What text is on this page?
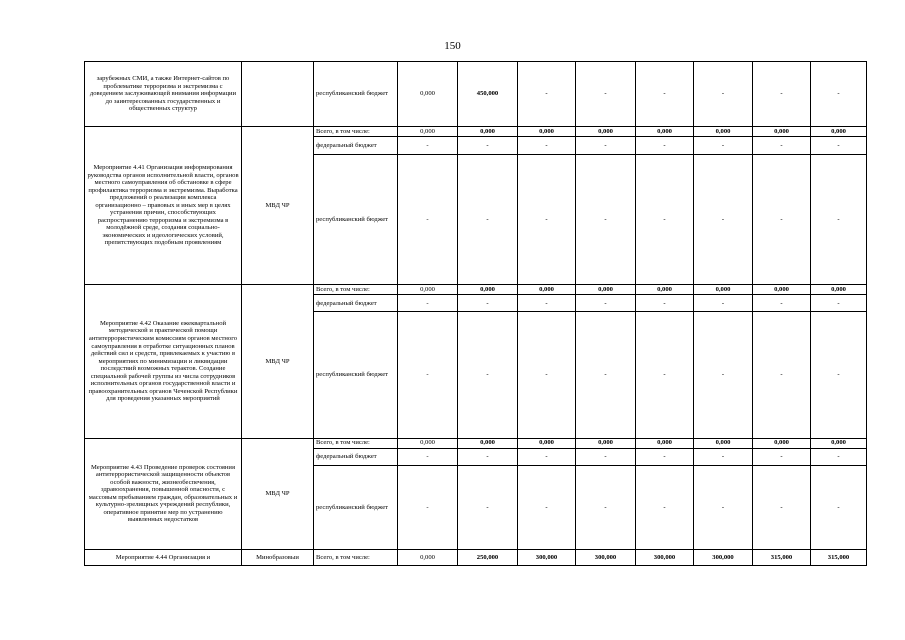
150
зарубежных СМИ, а также Интернет-сайтов по проблематике терроризма и экстремизма с доведением заслуживающей внимания информации до заинтересованных государственных и общественных структур		республиканский бюджет	0,000	450,000	-	-	-	-	-	-
Мероприятие 4.41 Организация информирования руководства органов исполнительной власти, органов местного самоуправления об обстановке в сфере профилактика терроризма и экстремизма. Выработка предложений о реализации комплекса организационно – правовых и иных мер в целях устранения причин, способствующих распространению терроризма и экстремизма в молодёжной среде, создания социально-экономических и идеологических условий, препятствующих подобным проявлениям	МВД ЧР	Всего, в том числе:	0,000	0,000	0,000	0,000	0,000	0,000	0,000	0,000
		федеральный бюджет	-	-	-	-	-	-	-	-
		республиканский бюджет	-	-	-	-	-	-	-	-
Мероприятие 4.42 Оказание ежеквартальной методической и практической помощи антитеррористическим комиссиям органов местного самоуправления в отработке ситуационных планов действий сил и средств, привлекаемых к участию в мероприятиях по минимизации и ликвидации последствий возможных терактов. Создание специальной рабочей группы из числа сотрудников исполнительных органов государственной власти и правоохранительных органов Чеченской Республики для проведения указанных мероприятий	МВД ЧР	Всего, в том числе:	0,000	0,000	0,000	0,000	0,000	0,000	0,000	0,000
		федеральный бюджет	-	-	-	-	-	-	-	-
		республиканский бюджет	-	-	-	-	-	-	-	-
Мероприятие 4.43 Проведение проверок состояния антитеррористической защищенности объектов особой важности, жизнеобеспечения, здравоохранения, повышенной опасности, с массовым пребыванием граждан, образовательных и культурно-зрелищных учреждений республики, оперативное принятие мер по устранению выявленных недостатков	МВД ЧР	Всего, в том числе:	0,000	0,000	0,000	0,000	0,000	0,000	0,000	0,000
		федеральный бюджет	-	-	-	-	-	-	-	-
		республиканский бюджет	-	-	-	-	-	-	-	-
Мероприятие 4.44 Организация и	Минобразовыи	Всего, в том числе:	0,000	250,000	300,000	300,000	300,000	300,000	315,000	315,000
